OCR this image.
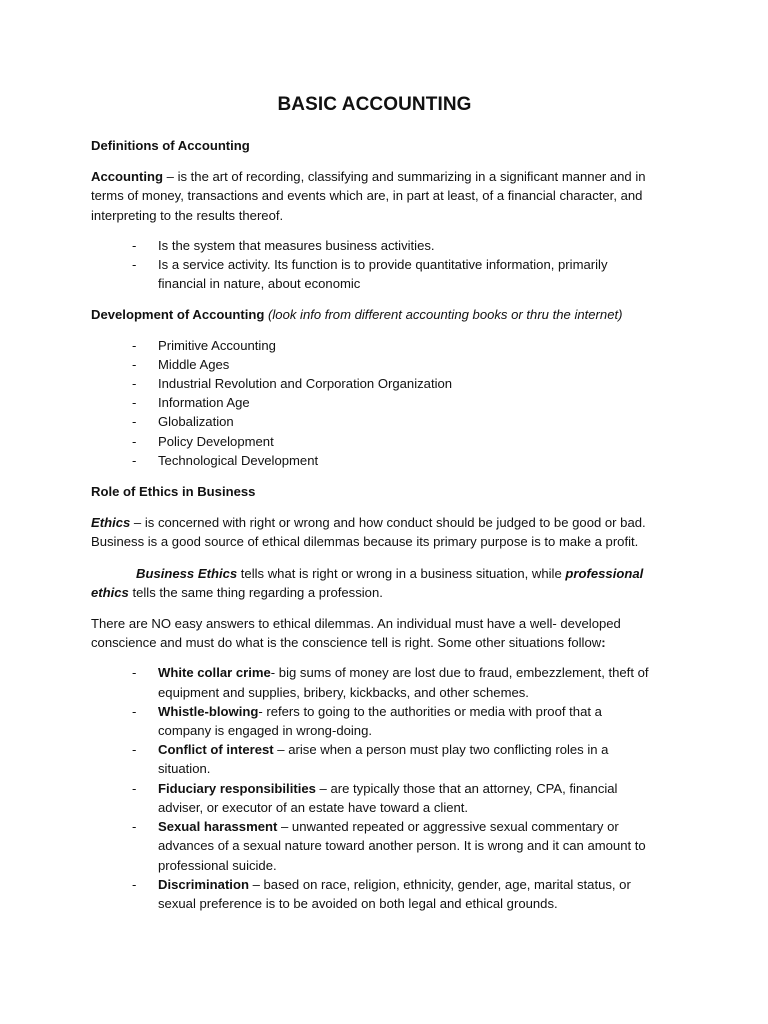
BASIC ACCOUNTING

Definitions of Accounting

Accounting – is the art of recording, classifying and summarizing in a significant manner and in terms of money, transactions and events which are, in part at least, of a financial character, and interpreting to the results thereof.

- Is the system that measures business activities.
- Is a service activity. Its function is to provide quantitative information, primarily financial in nature, about economic

Development of Accounting (look info from different accounting books or thru the internet)

- Primitive Accounting
- Middle Ages
- Industrial Revolution and Corporation Organization
- Information Age
- Globalization
- Policy Development
- Technological Development

Role of Ethics in Business

Ethics – is concerned with right or wrong and how conduct should be judged to be good or bad. Business is a good source of ethical dilemmas because its primary purpose is to make a profit.

Business Ethics tells what is right or wrong in a business situation, while professional ethics tells the same thing regarding a profession.

There are NO easy answers to ethical dilemmas. An individual must have a well- developed conscience and must do what is the conscience tell is right. Some other situations follow:

- White collar crime- big sums of money are lost due to fraud, embezzlement, theft of equipment and supplies, bribery, kickbacks, and other schemes.
- Whistle-blowing- refers to going to the authorities or media with proof that a company is engaged in wrong-doing.
- Conflict of interest – arise when a person must play two conflicting roles in a situation.
- Fiduciary responsibilities – are typically those that an attorney, CPA, financial adviser, or executor of an estate have toward a client.
- Sexual harassment – unwanted repeated or aggressive sexual commentary or advances of a sexual nature toward another person. It is wrong and it can amount to professional suicide.
- Discrimination – based on race, religion, ethnicity, gender, age, marital status, or sexual preference is to be avoided on both legal and ethical grounds.
